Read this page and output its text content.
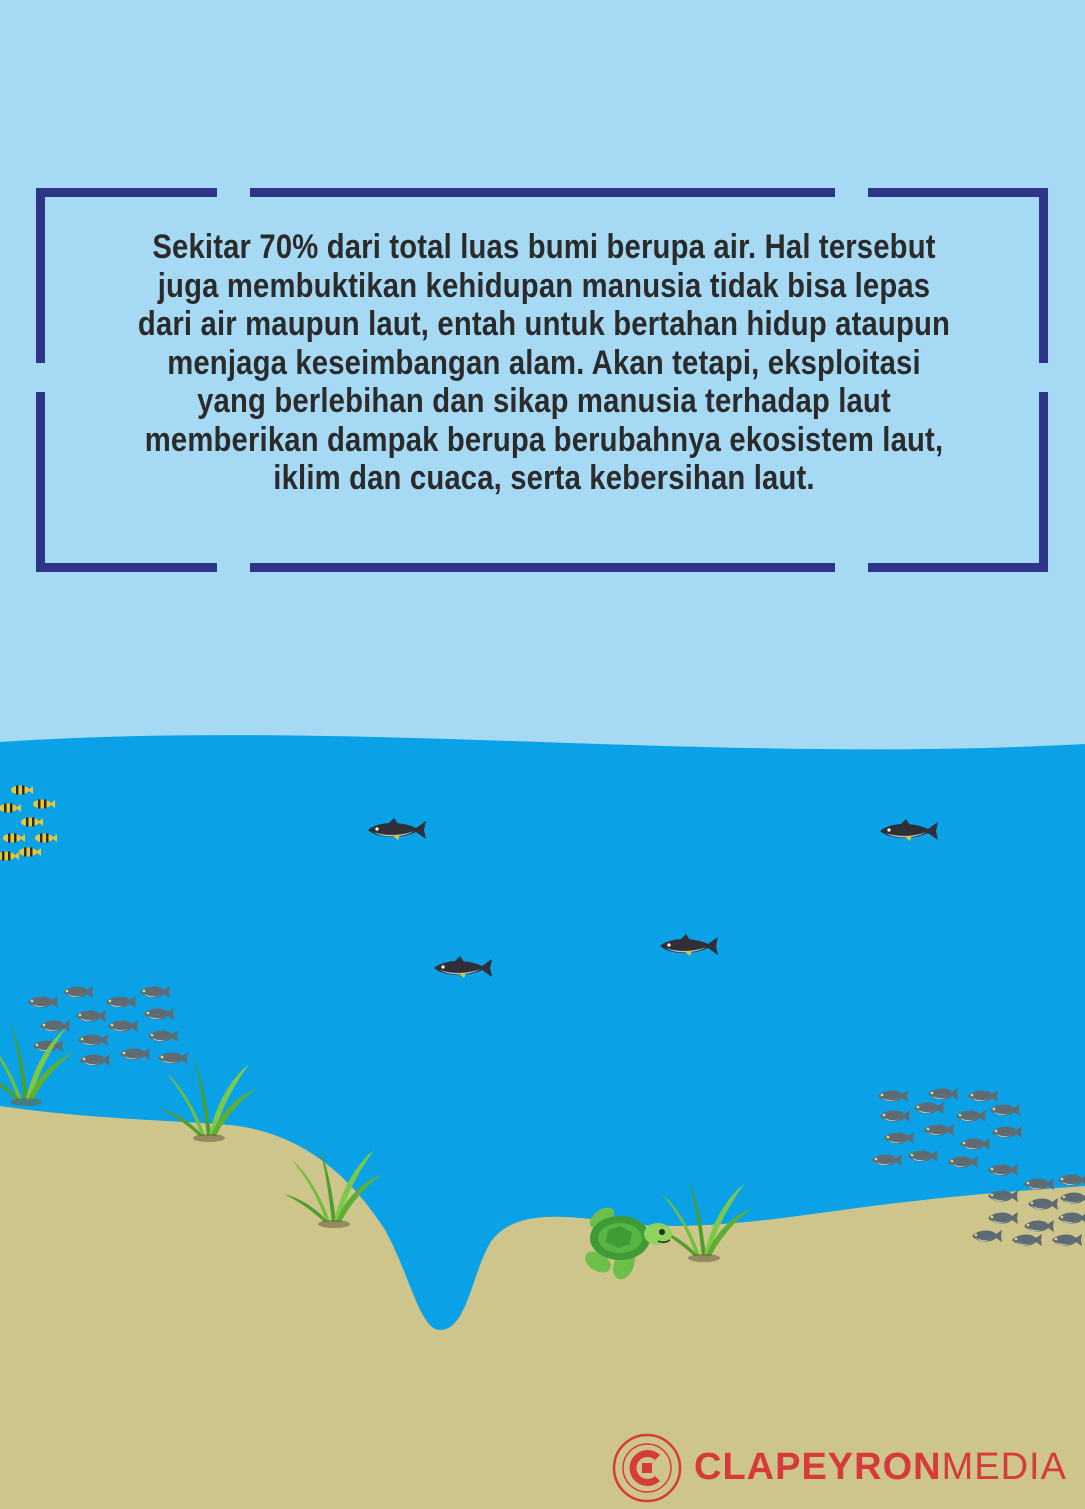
Sekitar 70% dari total luas bumi berupa air. Hal tersebut juga membuktikan kehidupan manusia tidak bisa lepas dari air maupun laut, entah untuk bertahan hidup ataupun menjaga keseimbangan alam. Akan tetapi, eksploitasi yang berlebihan dan sikap manusia terhadap laut memberikan dampak berupa berubahnya ekosistem laut, iklim dan cuaca, serta kebersihan laut.
CLAPEYRONMEDIA
